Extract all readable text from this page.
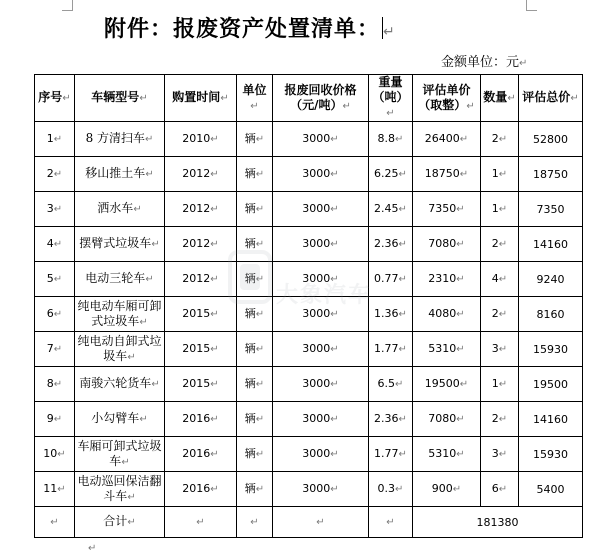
附件：报废资产处置清单： ↵
金额单位：元↵
序号↵	车辆型号↵	购置时间↵	单位↵	报废回收价格（元/吨）↵	重量（吨）↵	评估单价（取整）↵	数量↵	评估总价↵
1↵	8 方清扫车↵	2010↵	辆↵	3000↵	8.8↵	26400↵	2↵	52800
2↵	移山推土车↵	2012↵	辆↵	3000↵	6.25↵	18750↵	1↵	18750
3↵	洒水车↵	2012↵	辆↵	3000↵	2.45↵	7350↵	1↵	7350
4↵	摆臂式垃圾车↵	2012↵	辆↵	3000↵	2.36↵	7080↵	2↵	14160
5↵	电动三轮车↵	2012↵	辆↵	3000↵	0.77↵	2310↵	4↵	9240
6↵	纯电动车厢可卸式垃圾车↵	2015↵	辆↵	3000↵	1.36↵	4080↵	2↵	8160
7↵	纯电动自卸式垃圾车↵	2015↵	辆↵	3000↵	1.77↵	5310↵	3↵	15930
8↵	南骏六轮货车↵	2015↵	辆↵	3000↵	6.5↵	19500↵	1↵	19500
9↵	小勾臂车↵	2016↵	辆↵	3000↵	2.36↵	7080↵	2↵	14160
10↵	车厢可卸式垃圾车↵	2016↵	辆↵	3000↵	1.77↵	5310↵	3↵	15930
11↵	电动巡回保洁翻斗车↵	2016↵	辆↵	3000↵	0.3↵	900↵	6↵	5400
↵	合计↵	↵	↵	↵	↵	181380		
大象汽车
↵
